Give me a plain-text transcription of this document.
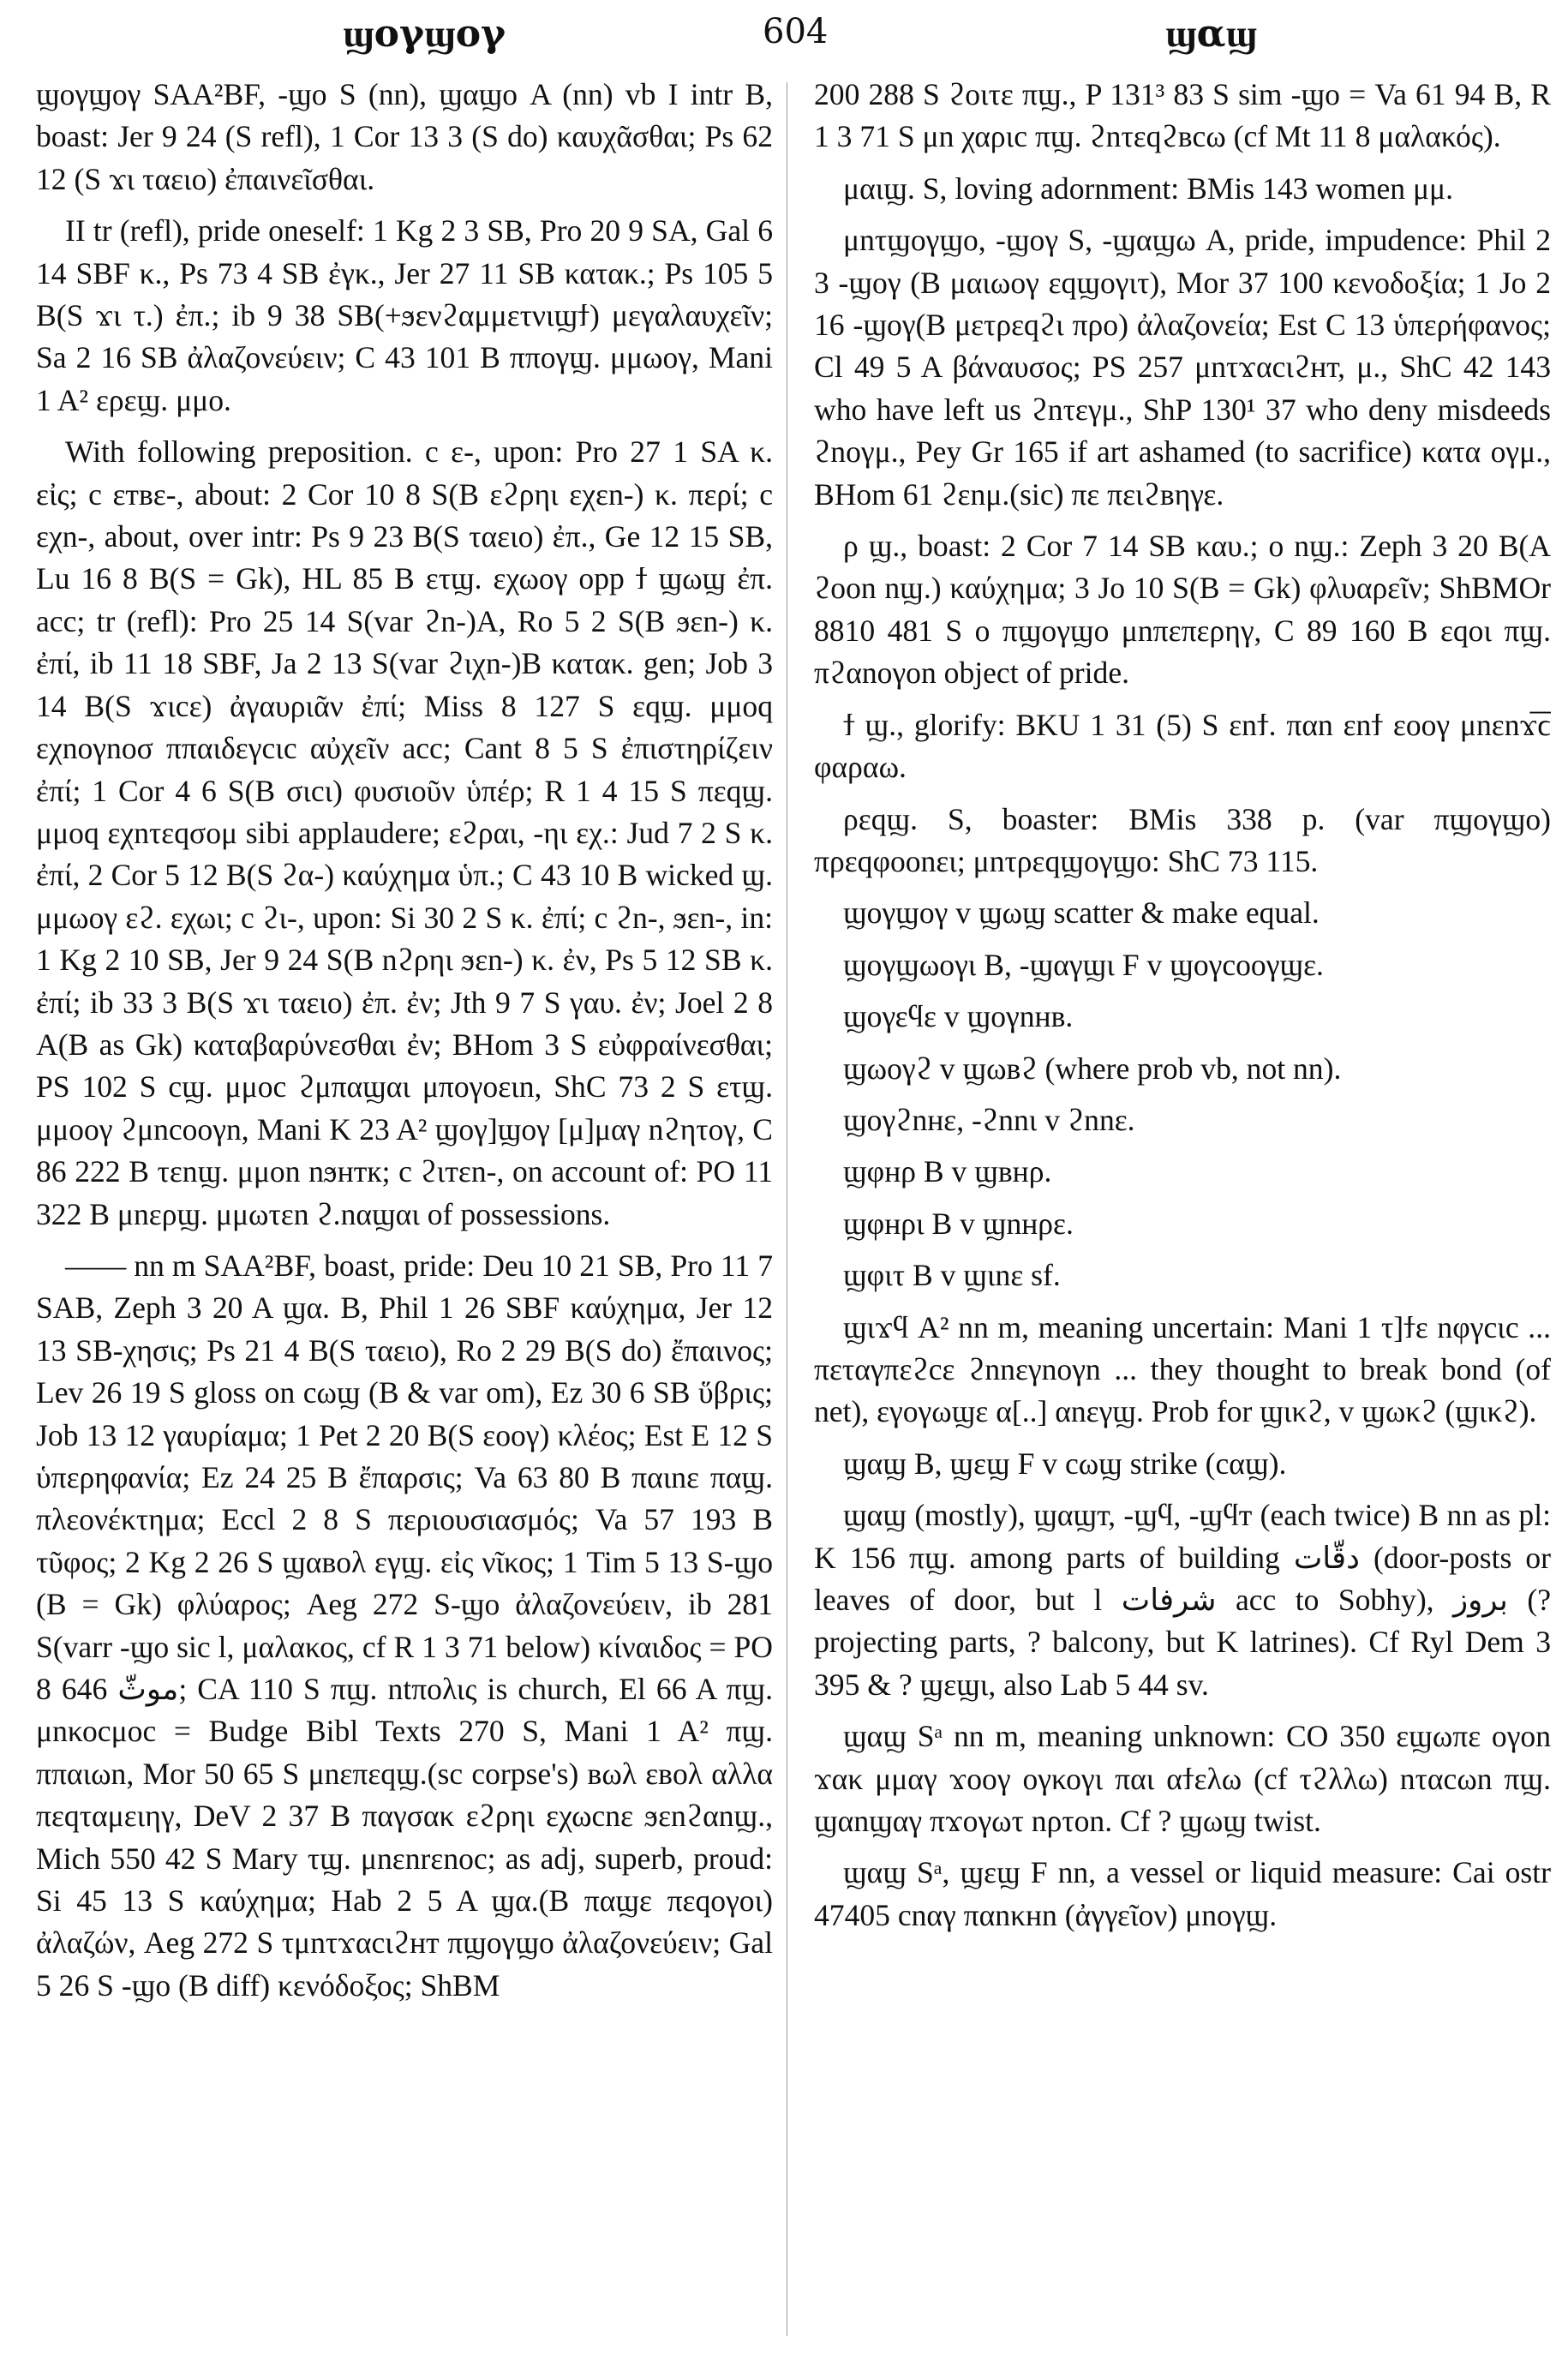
ϣογϣογ	604	ϣαϣ

ϣογϣογ SAA²BF, -ϣο S (nn), ϣαϣο A (nn) vb I intr B, boast: Jer 9 24 (S refl), 1 Cor 13 3 (S do) καυχᾶσθαι; Ps 62 12 (S ϫι ταειο) ἐπαινεῖσθαι.

II tr (refl), pride oneself: 1 Kg 2 3 SB, Pro 20 9 SA, Gal 6 14 SBF κ., Ps 73 4 SB ἐγκ., Jer 27 11 SB κατακ.; Ps 105 5 B(S ϫι τ.) ἐπ.; ib 9 38 SB(+ϧενϩαμμετνιϣϯ) μεγαλαυχεῖν; Sa 2 16 SB ἀλαζονεύειν; C 43 101 B ππογϣ. μμωογ, Mani 1 A² ερεϣ. μμο.

With following preposition. c ε-, upon: Pro 27 1 SA κ. εἰς; c εтвε-, about: 2 Cor 10 8 S(B εϩρηι εχεn-) κ. περί; c εχn-, about, over intr: Ps 9 23 B(S ταειο) ἐπ., Ge 12 15 SB, Lu 16 8 B(S = Gk), HL 85 B ετϣ. εχωογ opp ϯ ϣωϣ ἐπ. acc; tr (refl): Pro 25 14 S(var ϩn-)A, Ro 5 2 S(B ϧεn-) κ. ἐπί, ib 11 18 SBF, Ja 2 13 S(var ϩιχn-)B κατακ. gen; Job 3 14 B(S ϫιcε) ἀγαυριᾶν ἐπί; Miss 8 127 S εqϣ. μμοq εχnογnοσ ππαιδεγcιc αὐχεῖν acc; Cant 8 5 S ἐπιστηρίζειν ἐπί; 1 Cor 4 6 S(B σιcι) φυσιοῦν ὑπέρ; R 1 4 15 S πεqϣ. μμοq εχnτεqσομ sibi applaudere; εϩραι, -ηι εχ.: Jud 7 2 S κ. ἐπί, 2 Cor 5 12 B(S ϩα-) καύχημα ὑπ.; C 43 10 B wicked ϣ. μμωογ εϩ. εχωι; c ϩι-, upon: Si 30 2 S κ. ἐπί; c ϩn-, ϧεn-, in: 1 Kg 2 10 SB, Jer 9 24 S(B nϩρηι ϧεn-) κ. ἐν, Ps 5 12 SB κ. ἐπί; ib 33 3 B(S ϫι ταειο) ἐπ. ἐν; Jth 9 7 S γαυ. ἐν; Joel 2 8 A(B as Gk) καταβαρύνεσθαι ἐν; BHom 3 S εὐφραίνεσθαι; PS 102 S cϣ. μμοc ϩμπαϣαι μπογοειn, ShC 73 2 S ετϣ. μμοογ ϩμncοογn, Mani K 23 A² ϣογ]ϣογ [μ]μαγ nϩητογ, C 86 222 B τεnϣ. μμοn nϧнтк; c ϩιтεn-, on account of: PO 11 322 B μnερϣ. μμωτεn ϩ.nαϣαι of possessions.

—— nn m SAA²BF, boast, pride: Deu 10 21 SB, Pro 11 7 SAB, Zeph 3 20 A ϣα. B, Phil 1 26 SBF καύχημα, Jer 12 13 SB-χησις; Ps 21 4 B(S ταειο), Ro 2 29 B(S do) ἔπαινος; Lev 26 19 S gloss on cωϣ (B & var om), Ez 30 6 SB ὕβρις; Job 13 12 γαυρίαμα; 1 Pet 2 20 B(S εοογ) κλέος; Est E 12 S ὑπερηφανία; Ez 24 25 B ἔπαρσις; Va 63 80 B παιnε παϣ. πλεονέκτημα; Eccl 2 8 S περιουσιασμός; Va 57 193 B τῦφος; 2 Kg 2 26 S ϣαвολ εγϣ. εἰς νῖκος; 1 Tim 5 13 S-ϣο (B = Gk) φλύαρος; Aeg 272 S-ϣο ἀλαζονεύειν, ib 281 S(varr -ϣο sic l, μαλακος, cf R 1 3 71 below) κίναιδος = PO 8 646 موثّ; CA 110 S πϣ. ntπολις is church, El 66 A πϣ. μnκοcμοc = Budge Bibl Texts 270 S, Mani 1 A² πϣ. ππαιωn, Mor 50 65 S μnεπεqϣ.(sc corpse's) вωλ εвολ αλλα πεqταμειηγ, DeV 2 37 B παγσακ εϩρηι εχωcnε ϧεnϩαnϣ., Mich 550 42 S Mary τϣ. μnεnrεnοc; as adj, superb, proud: Si 45 13 S καύχημα; Hab 2 5 A ϣα.(B παϣε πεqογοι) ἀλαζών, Aeg 272 S τμnτϫαcιϩнт πϣογϣο ἀλαζονεύειν; Gal 5 26 S -ϣο (B diff) κενόδοξος; ShBM

200 288 S ϩοιτε πϣ., P 131³ 83 S sim -ϣο = Va 61 94 B, R 1 3 71 S μn χαριc πϣ. ϩnτεqϩвcω (cf Mt 11 8 μαλακός).

μαιϣ. S, loving adornment: BMis 143 women μμ.

μnτϣογϣο, -ϣογ S, -ϣαϣω A, pride, impudence: Phil 2 3 -ϣογ (B μαιωογ εqϣογιτ), Mor 37 100 κενοδοξία; 1 Jo 2 16 -ϣογ(B μετρεqϩι προ) ἀλαζονεία; Est C 13 ὑπερήφανος; Cl 49 5 A βάναυσος; PS 257 μnτϫαcιϩнт, μ., ShC 42 143 who have left us ϩnτεγμ., ShP 130¹ 37 who deny misdeeds ϩnογμ., Pey Gr 165 if art ashamed (to sacrifice) κατα ογμ., BHom 61 ϩεnμ.(sic) πε πειϩвηγε.

ρ ϣ., boast: 2 Cor 7 14 SB καυ.; ο nϣ.: Zeph 3 20 B(A ϩοοn nϣ.) καύχημα; 3 Jo 10 S(B = Gk) φλυαρεῖν; ShBMOr 8810 481 S ο πϣογϣο μnπεπερηγ, C 89 160 B εqοι πϣ. πϩαnογοn object of pride.

ϯ ϣ., glorify: BKU 1 31 (5) S εnϯ. παn εnϯ εοογ μnεnϫ̅ϲ̅ φαραω.

ρεqϣ. S, boaster: BMis 338 p. (var πϣογϣο) πρεqφοοnει; μnτρεqϣογϣο: ShC 73 115.

ϣογϣογ v ϣωϣ scatter & make equal.

ϣογϣωογι B, -ϣαγϣι F v ϣογcοογϣε.

ϣογεϥε v ϣογnнв.

ϣωογϩ v ϣωвϩ (where prob vb, not nn).

ϣογϩnнε, -ϩnnι v ϩnnε.

ϣφнρ B v ϣвнρ.

ϣφнρι B v ϣnнρε.

ϣφιτ B v ϣιnε sf.

ϣιϫϥ A² nn m, meaning uncertain: Mani 1 τ]ϯε nφγcιc ... πεταγπεϩcε ϩnnεγnογn ... they thought to break bond (of net), εγογωϣε α[..] αnεγϣ. Prob for ϣικϩ, v ϣωκϩ (ϣικϩ).

ϣαϣ B, ϣεϣ F v cωϣ strike (cαϣ).

ϣαϣ (mostly), ϣαϣт, -ϣϥ, -ϣϥт (each twice) B nn as pl: K 156 πϣ. among parts of building دقّات (door-posts or leaves of door, but l شرفات acc to Sobhy), بروز (? projecting parts, ? balcony, but K latrines). Cf Ryl Dem 3 395 & ? ϣεϣι, also Lab 5 44 sv.

ϣαϣ Sᵃ nn m, meaning unknown: CO 350 εϣωπε ογοn ϫακ μμαγ ϫοογ ογκογι παι αϯελω (cf τϩλλω) nταcωn πϣ. ϣαnϣαγ πϫογωτ nρτοn. Cf ? ϣωϣ twist.

ϣαϣ Sᵃ, ϣεϣ F nn, a vessel or liquid measure: Cai ostr 47405 cnαγ παnκнn (ἀγγεῖον) μnογϣ.
